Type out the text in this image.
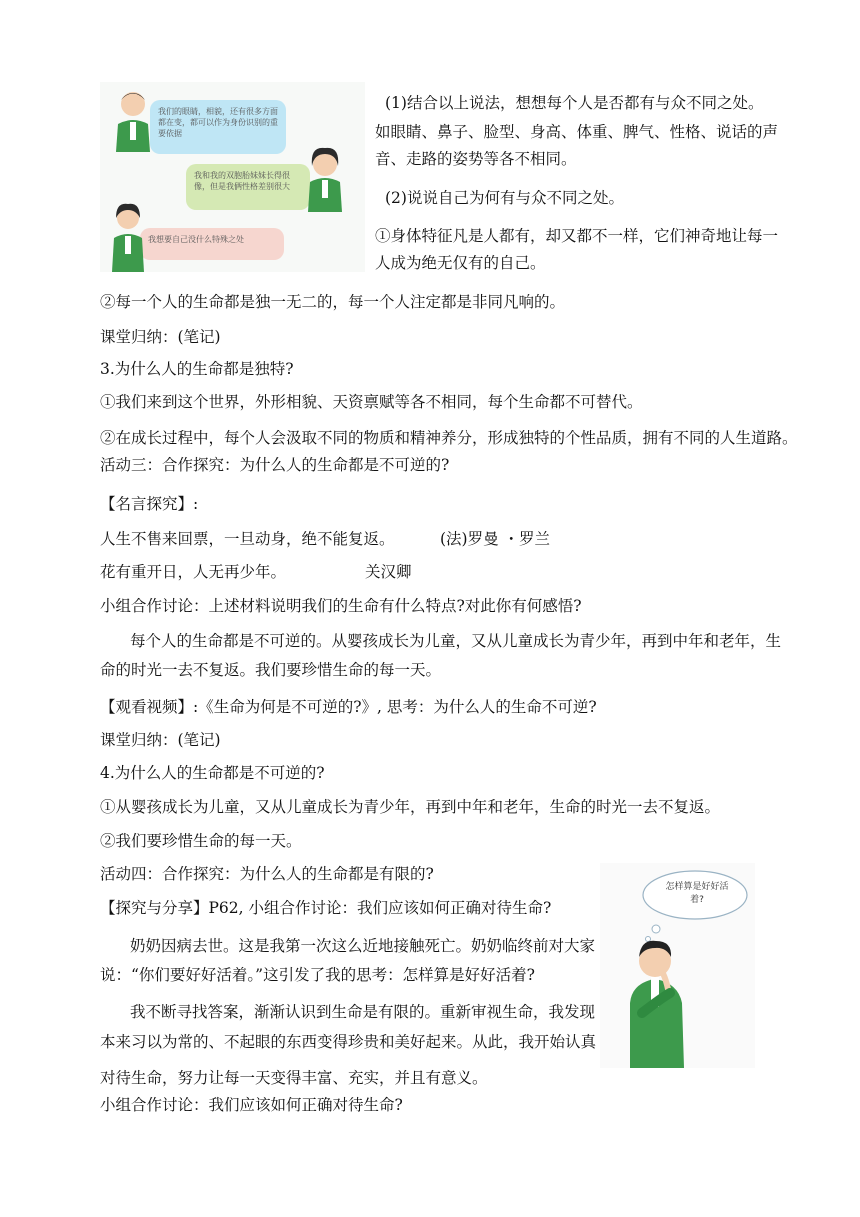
我们的眼睛，相貌，还有很多方面都在变，都可以作为身份识别的重要依据
我和我的双胞胎妹妹长得很像，但是我俩性格差别很大
我想要自己没什么特殊之处
(1)结合以上说法，想想每个人是否都有与众不同之处。
如眼睛、鼻子、脸型、身高、体重、脾气、性格、说话的声
音、走路的姿势等各不相同。
(2)说说自己为何有与众不同之处。
①身体特征凡是人都有，却又都不一样，它们神奇地让每一
人成为绝无仅有的自己。
②每一个人的生命都是独一无二的，每一个人注定都是非同凡响的。
课堂归纳：(笔记)
3.为什么人的生命都是独特?
①我们来到这个世界，外形相貌、天资禀赋等各不相同，每个生命都不可替代。
②在成长过程中，每个人会汲取不同的物质和精神养分，形成独特的个性品质，拥有不同的人生道路。
活动三：合作探究：为什么人的生命都是不可逆的?
【名言探究】:
人生不售来回票，一旦动身，绝不能复返。	(法)罗曼 ・罗兰
花有重开日，人无再少年。	关汉卿
小组合作讨论：上述材料说明我们的生命有什么特点?对此你有何感悟?
每个人的生命都是不可逆的。从婴孩成长为儿童，又从儿童成长为青少年，再到中年和老年，生
命的时光一去不复返。我们要珍惜生命的每一天。
【观看视频】:《生命为何是不可逆的?》, 思考：为什么人的生命不可逆?
课堂归纳：(笔记)
4.为什么人的生命都是不可逆的?
①从婴孩成长为儿童，又从儿童成长为青少年，再到中年和老年，生命的时光一去不复返。
②我们要珍惜生命的每一天。
活动四：合作探究：为什么人的生命都是有限的?
【探究与分享】P62, 小组合作讨论：我们应该如何正确对待生命?
奶奶因病去世。这是我第一次这么近地接触死亡。奶奶临终前对大家
说：“你们要好好活着。”这引发了我的思考：怎样算是好好活着?
我不断寻找答案，渐渐认识到生命是有限的。重新审视生命，我发现
本来习以为常的、不起眼的东西变得珍贵和美好起来。从此，我开始认真
对待生命，努力让每一天变得丰富、充实，并且有意义。
小组合作讨论：我们应该如何正确对待生命?
怎样算是好好活着?
